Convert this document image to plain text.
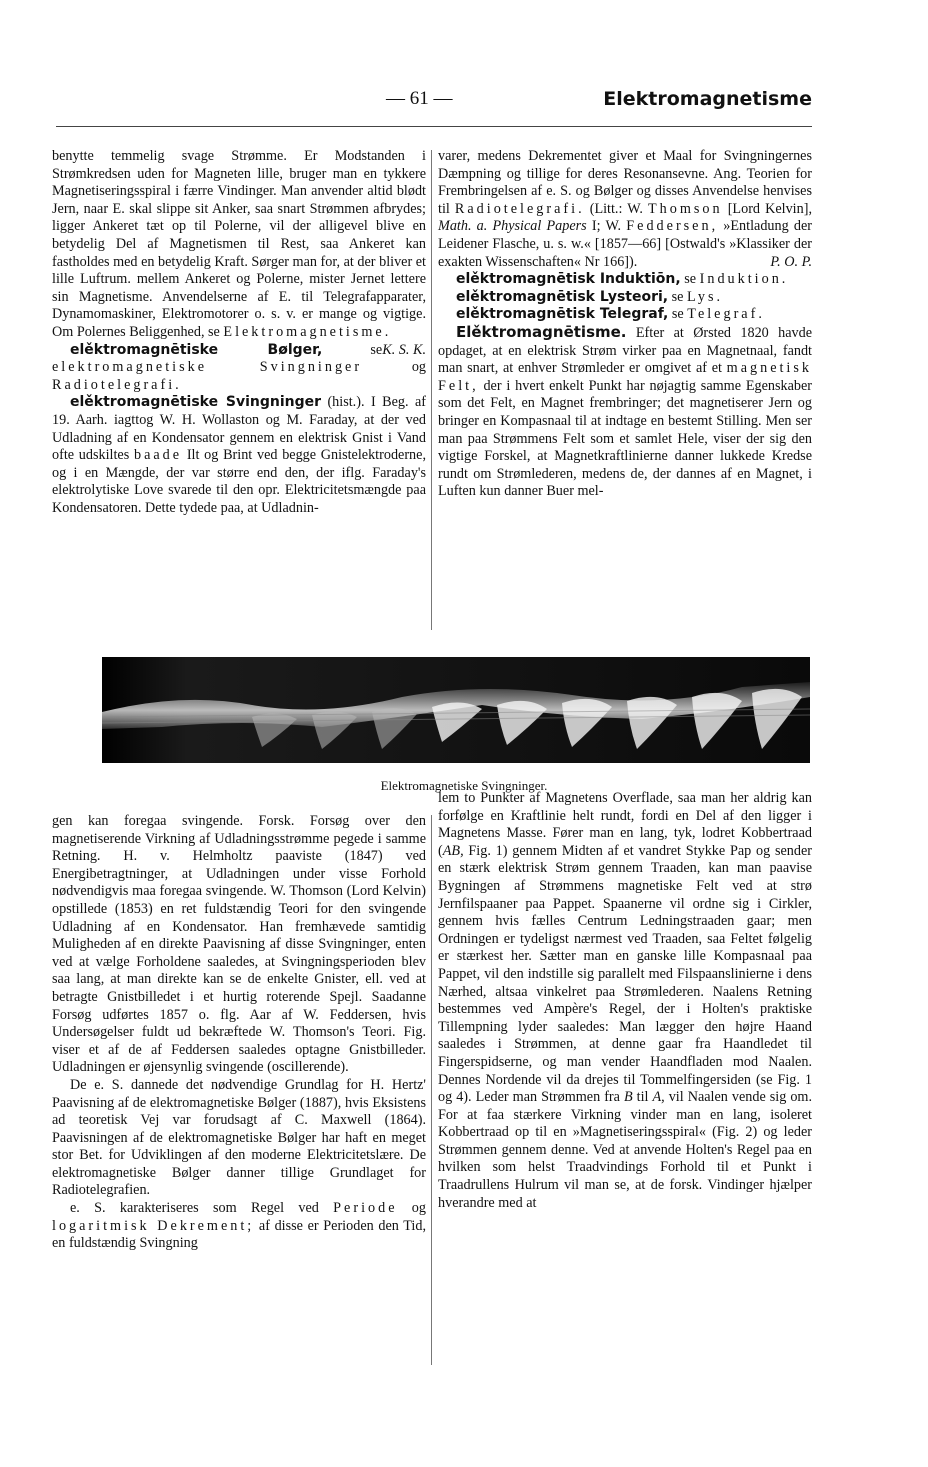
— 61 —	Elektromagnetisme

benytte temmelig svage Strømme. Er Modstanden i Strømkredsen uden for Magneten lille, bruger man en tykkere Magnetiseringsspiral i færre Vindinger. Man anvender altid blødt Jern, naar E. skal slippe sit Anker, saa snart Strømmen afbrydes; ligger Ankeret tæt op til Polerne, vil der alligevel blive en betydelig Del af Magnetismen til Rest, saa Ankeret kan fastholdes med en betydelig Kraft. Sørger man for, at der bliver et lille Luftrum. mellem Ankeret og Polerne, mister Jernet lettere sin Magnetisme. Anvendelserne af E. til Telegrafapparater, Dynamomaskiner, Elektromotorer o. s. v. er mange og vigtige. Om Polernes Beliggenhed, se Elektromagnetisme.
K. S. K.

elěktromagnētiske Bølger, se elektromagnetiske Svingninger og Radiotelegrafi.

elěktromagnētiske Svingninger (hist.). I Beg. af 19. Aarh. iagttog W. H. Wollaston og M. Faraday, at der ved Udladning af en Kondensator gennem en elektrisk Gnist i Vand ofte udskiltes baade Ilt og Brint ved begge Gnistelektroderne, og i en Mængde, der var større end den, der iflg. Faraday's elektrolytiske Love svarede til den opr. Elektricitetsmængde paa Kondensatoren. Dette tydede paa, at Udladnin-

varer, medens Dekrementet giver et Maal for Svingningernes Dæmpning og tillige for deres Resonansevne. Ang. Teorien for Frembringelsen af e. S. og Bølger og disses Anvendelse henvises til Radiotelegrafi. (Litt.: W. Thomson [Lord Kelvin], Math. a. Physical Papers I; W. Feddersen, »Entladung der Leidener Flasche, u. s. w.« [1857—66] [Ostwald's »Klassiker der exakten Wissenschaften« Nr 166]).	P. O. P.

elěktromagnētisk Induktiōn, se Induktion.

elěktromagnētisk Lysteori, se Lys.

elěktromagnētisk Telegraf, se Telegraf.

Elěktromagnētisme. Efter at Ørsted 1820 havde opdaget, at en elektrisk Strøm virker paa en Magnetnaal, fandt man snart, at enhver Strømleder er omgivet af et magnetisk Felt, der i hvert enkelt Punkt har nøjagtig samme Egenskaber som det Felt, en Magnet frembringer; det magnetiserer Jern og bringer en Kompasnaal til at indtage en bestemt Stilling. Men ser man paa Strømmens Felt som et samlet Hele, viser der sig den vigtige Forskel, at Magnetkraftlinierne danner lukkede Kredse rundt om Strømlederen, medens de, der dannes af en Magnet, i Luften kun danner Buer mel-

Elektromagnetiske Svingninger.

gen kan foregaa svingende. Forsk. Forsøg over den magnetiserende Virkning af Udladningsstrømme pegede i samme Retning. H. v. Helmholtz paaviste (1847) ved Energibetragtninger, at Udladningen under visse Forhold nødvendigvis maa foregaa svingende. W. Thomson (Lord Kelvin) opstillede (1853) en ret fuldstændig Teori for den svingende Udladning af en Kondensator. Han fremhævede samtidig Muligheden af en direkte Paavisning af disse Svingninger, enten ved at vælge Forholdene saaledes, at Svingningsperioden blev saa lang, at man direkte kan se de enkelte Gnister, ell. ved at betragte Gnistbilledet i et hurtig roterende Spejl. Saadanne Forsøg udførtes 1857 o. flg. Aar af W. Feddersen, hvis Undersøgelser fuldt ud bekræftede W. Thomson's Teori. Fig. viser et af de af Feddersen saaledes optagne Gnistbilleder. Udladningen er øjensynlig svingende (oscillerende).

De e. S. dannede det nødvendige Grundlag for H. Hertz' Paavisning af de elektromagnetiske Bølger (1887), hvis Eksistens ad teoretisk Vej var forudsagt af C. Maxwell (1864). Paavisningen af de elektromagnetiske Bølger har haft en meget stor Bet. for Udviklingen af den moderne Elektricitetslære. De elektromagnetiske Bølger danner tillige Grundlaget for Radiotelegrafien.

e. S. karakteriseres som Regel ved Periode og logaritmisk Dekrement; af disse er Perioden den Tid, en fuldstændig Svingning

lem to Punkter af Magnetens Overflade, saa man her aldrig kan forfølge en Kraftlinie helt rundt, fordi en Del af den ligger i Magnetens Masse. Fører man en lang, tyk, lodret Kobbertraad (AB, Fig. 1) gennem Midten af et vandret Stykke Pap og sender en stærk elektrisk Strøm gennem Traaden, kan man paavise Bygningen af Strømmens magnetiske Felt ved at strø Jernfilspaaner paa Pappet. Spaanerne vil ordne sig i Cirkler, gennem hvis fælles Centrum Ledningstraaden gaar; men Ordningen er tydeligst nærmest ved Traaden, saa Feltet følgelig er stærkest her. Sætter man en ganske lille Kompasnaal paa Pappet, vil den indstille sig parallelt med Filspaanslinierne i dens Nærhed, altsaa vinkelret paa Strømlederen. Naalens Retning bestemmes ved Ampère's Regel, der i Holten's praktiske Tillempning lyder saaledes: Man lægger den højre Haand saaledes i Strømmen, at denne gaar fra Haandledet til Fingerspidserne, og man vender Haandfladen mod Naalen. Dennes Nordende vil da drejes til Tommelfingersiden (se Fig. 1 og 4). Leder man Strømmen fra B til A, vil Naalen vende sig om. For at faa stærkere Virkning vinder man en lang, isoleret Kobbertraad op til en »Magnetiseringsspiral« (Fig. 2) og leder Strømmen gennem denne. Ved at anvende Holten's Regel paa en hvilken som helst Traadvindings Forhold til et Punkt i Traadrullens Hulrum vil man se, at de forsk. Vindinger hjælper hverandre med at
